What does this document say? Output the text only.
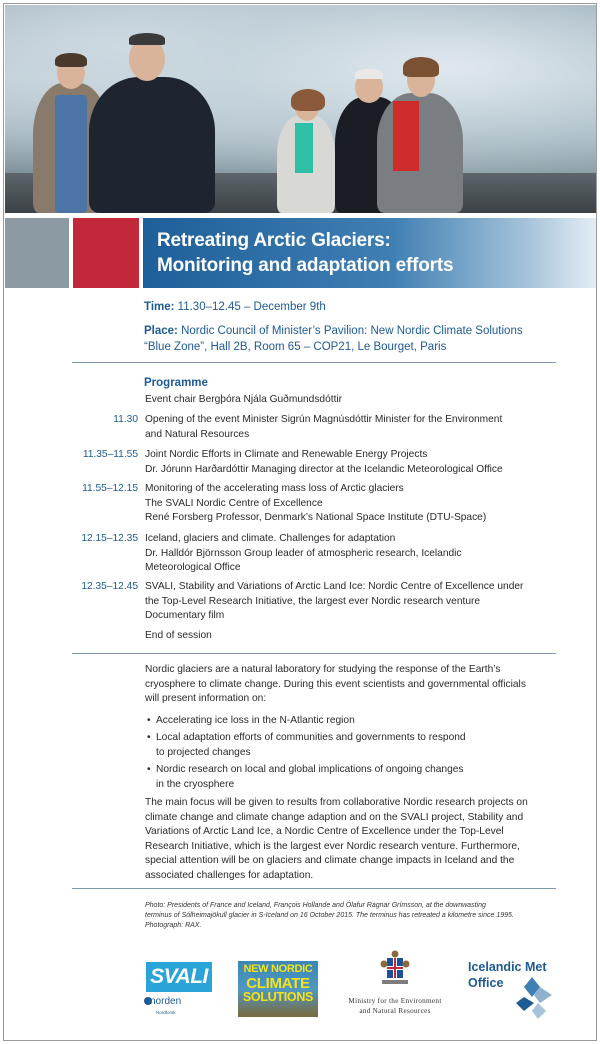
Retreating Arctic Glaciers:
Monitoring and adaptation efforts
Time: 11.30–12.45 – December 9th
Place: Nordic Council of Minister’s Pavilion: New Nordic Climate Solutions
“Blue Zone”, Hall 2B, Room 65 – COP21, Le Bourget, Paris
Programme
Event chair Bergþóra Njála Guðmundsdóttir
11.30 Opening of the event Minister Sigrún Magnúsdóttir Minister for the Environment
and Natural Resources
11.35–11.55 Joint Nordic Efforts in Climate and Renewable Energy Projects
Dr. Jórunn Harðardóttir Managing director at the Icelandic Meteorological Office
11.55–12.15 Monitoring of the accelerating mass loss of Arctic glaciers
The SVALI Nordic Centre of Excellence
René Forsberg Professor, Denmark’s National Space Institute (DTU-Space)
12.15–12.35 Iceland, glaciers and climate. Challenges for adaptation
Dr. Halldór Björnsson Group leader of atmospheric research, Icelandic
Meteorological Office
12.35–12.45 SVALI, Stability and Variations of Arctic Land Ice: Nordic Centre of Excellence under
the Top-Level Research Initiative, the largest ever Nordic research venture
Documentary film
End of session
Nordic glaciers are a natural laboratory for studying the response of the Earth’s
cryosphere to climate change. During this event scientists and governmental officials
will present information on:
• Accelerating ice loss in the N-Atlantic region
• Local adaptation efforts of communities and governments to respond
to projected changes
• Nordic research on local and global implications of ongoing changes
in the cryosphere
The main focus will be given to results from collaborative Nordic research projects on
climate change and climate change adaption and on the SVALI project, Stability and
Variations of Arctic Land Ice, a Nordic Centre of Excellence under the Top-Level
Research Initiative, which is the largest ever Nordic research venture. Furthermore,
special attention will be on glaciers and climate change impacts in Iceland and the
associated challenges for adaptation.
Photo: Presidents of France and Iceland, François Hollande and Ólafur Ragnar Grímsson, at the downwasting
terminus of Sólheimajökull glacier in S-Iceland on 16 October 2015. The terminus has retreated a kilometre since 1995.
Photograph: RAX.
SVALI
norden
Nordforsk
NEW NORDIC
CLIMATE
SOLUTIONS	Ministry for the Environment
and Natural Resources
Icelandic Met
Office
